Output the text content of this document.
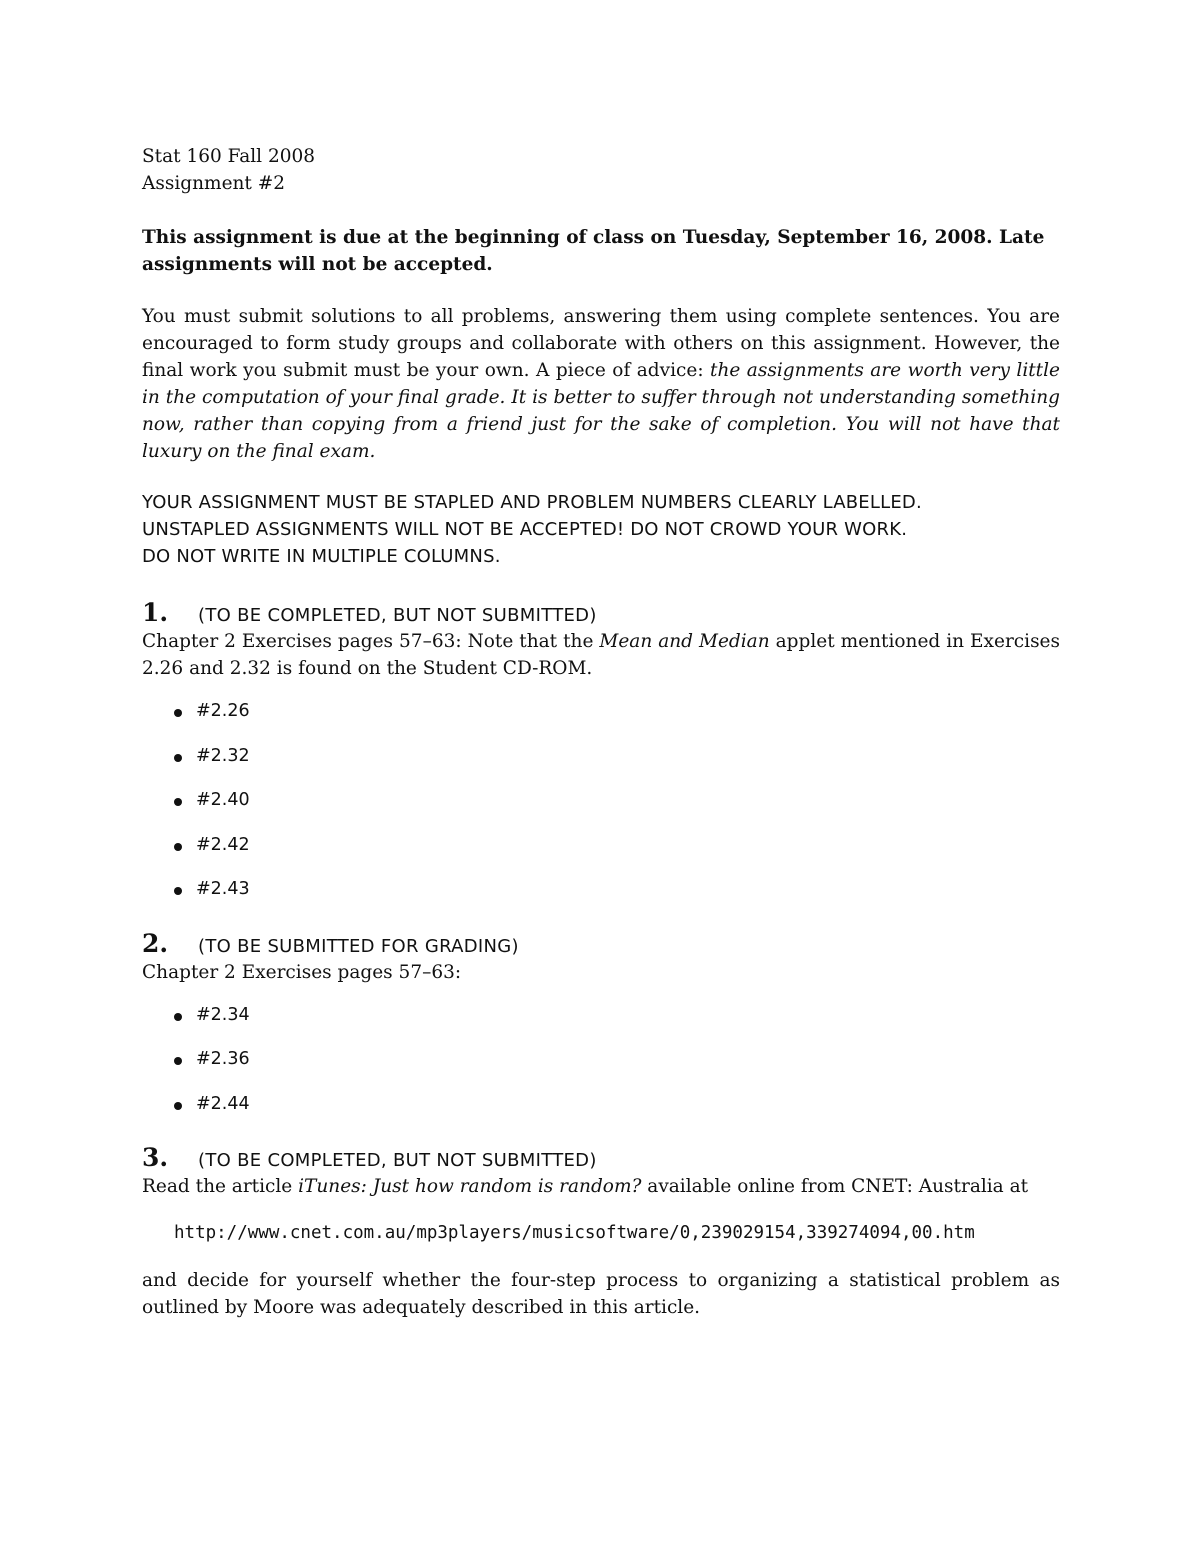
Stat 160 Fall 2008

Assignment #2

This assignment is due at the beginning of class on Tuesday, September 16, 2008. Late assignments will not be accepted.

You must submit solutions to all problems, answering them using complete sentences. You are encouraged to form study groups and collaborate with others on this assignment. However, the final work you submit must be your own. A piece of advice: the assignments are worth very little in the computation of your final grade. It is better to suffer through not understanding something now, rather than copying from a friend just for the sake of completion. You will not have that luxury on the final exam.

YOUR ASSIGNMENT MUST BE STAPLED AND PROBLEM NUMBERS CLEARLY LABELLED.
UNSTAPLED ASSIGNMENTS WILL NOT BE ACCEPTED! DO NOT CROWD YOUR WORK.
DO NOT WRITE IN MULTIPLE COLUMNS.
1. (TO BE COMPLETED, BUT NOT SUBMITTED)

Chapter 2 Exercises pages 57–63: Note that the Mean and Median applet mentioned in Exercises 2.26 and 2.32 is found on the Student CD-ROM.

#2.26
#2.32
#2.40
#2.42
#2.43
2. (TO BE SUBMITTED FOR GRADING)

Chapter 2 Exercises pages 57–63:

#2.34
#2.36
#2.44
3. (TO BE COMPLETED, BUT NOT SUBMITTED)

Read the article iTunes: Just how random is random? available online from CNET: Australia at

http://www.cnet.com.au/mp3players/musicsoftware/0,239029154,339274094,00.htm

and decide for yourself whether the four-step process to organizing a statistical problem as outlined by Moore was adequately described in this article.
